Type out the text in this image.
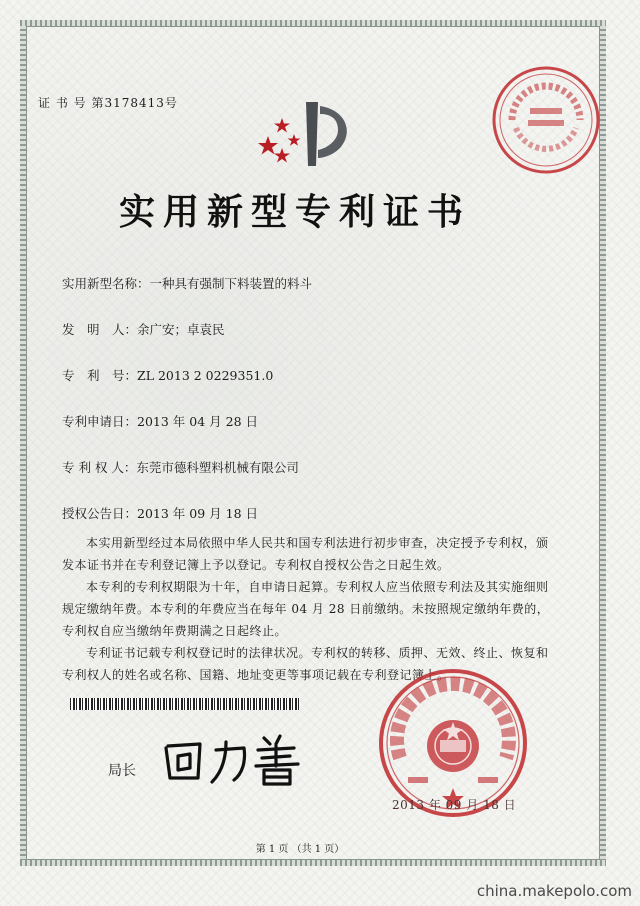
证 书 号 第3178413号
实用新型专利证书
实用新型名称：一种具有强制下料装置的料斗
发　明　人：余广安；卓袁民
专　利　号：ZL 2013 2 0229351.0
专利申请日：2013 年 04 月 28 日
专 利 权 人：东莞市德科塑料机械有限公司
授权公告日：2013 年 09 月 18 日

本实用新型经过本局依照中华人民共和国专利法进行初步审查，决定授予专利权，颁发本证书并在专利登记簿上予以登记。专利权自授权公告之日起生效。

本专利的专利权期限为十年，自申请日起算。专利权人应当依照专利法及其实施细则规定缴纳年费。本专利的年费应当在每年 04 月 28 日前缴纳。未按照规定缴纳年费的，专利权自应当缴纳年费期满之日起终止。

专利证书记载专利权登记时的法律状况。专利权的转移、质押、无效、终止、恢复和专利权人的姓名或名称、国籍、地址变更等事项记载在专利登记簿上。

局长
2013 年 09 月 18 日
第 1 页 （共 1 页）
china.makepolo.com
